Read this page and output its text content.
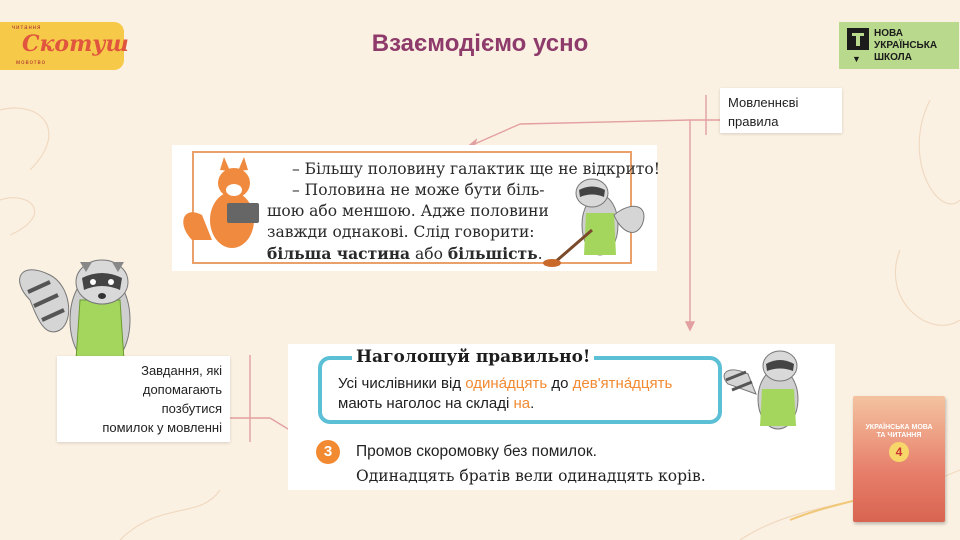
читання
Скотуш
мовотво
Взаємодіємо усно
▼
НОВА
УКРАЇНСЬКА
ШКОЛА
Мовленнєві
правила
Завдання, які
допомагають
позбутися
помилок у мовленні
– Більшу половину галактик ще не відкрито!
– Половина не може бути біль-
шою або меншою. Адже половини
завжди однакові. Слід говорити:
більша частина або більшість.
Наголошуй правильно!
Усі числівники від одина́дцять до дев'ятна́дцять
мають наголос на складі на.
3	Промов скоромовку без помилок.
Одинадцять братів вели одинадцять корів.
УКРАЇНСЬКА МОВА
ТА ЧИТАННЯ
4
